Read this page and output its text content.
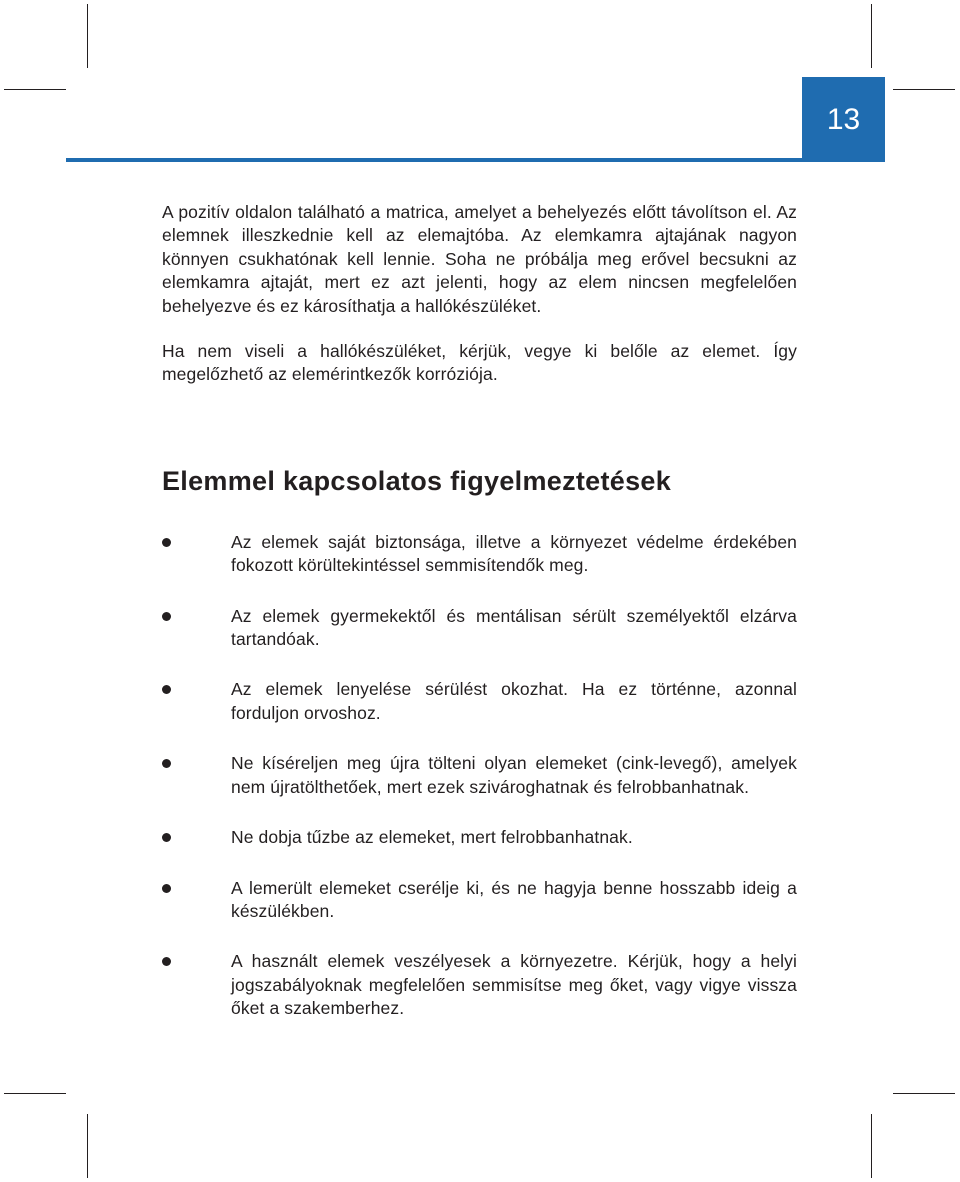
13

A pozitív oldalon található a matrica, amelyet a behelyezés előtt távolítson el. Az elemnek illeszkednie kell az elemajtóba. Az elemkamra ajtajának nagyon könnyen csukhatónak kell lennie. Soha ne próbálja meg erővel becsukni az elemkamra ajtaját, mert ez azt jelenti, hogy az elem nincsen megfelelően behelyezve és ez károsíthatja a hallókészüléket.

Ha nem viseli a hallókészüléket, kérjük, vegye ki belőle az elemet. Így megelőzhető az elemérintkezők korróziója.

Elemmel kapcsolatos figyelmeztetések
Az elemek saját biztonsága, illetve a környezet védelme érdekében fokozott körültekintéssel semmisítendők meg.
Az elemek gyermekektől és mentálisan sérült személyektől elzárva tartandóak.
Az elemek lenyelése sérülést okozhat. Ha ez történne, azonnal forduljon orvoshoz.
Ne kíséreljen meg újra tölteni olyan elemeket (cink-levegő), amelyek nem újratölthetőek, mert ezek szivároghatnak és felrobbanhatnak.
Ne dobja tűzbe az elemeket, mert felrobbanhatnak.
A lemerült elemeket cserélje ki, és ne hagyja benne hosszabb ideig a készülékben.
A használt elemek veszélyesek a környezetre. Kérjük, hogy a helyi jogszabályoknak megfelelően semmisítse meg őket, vagy vigye vissza őket a szakemberhez.
